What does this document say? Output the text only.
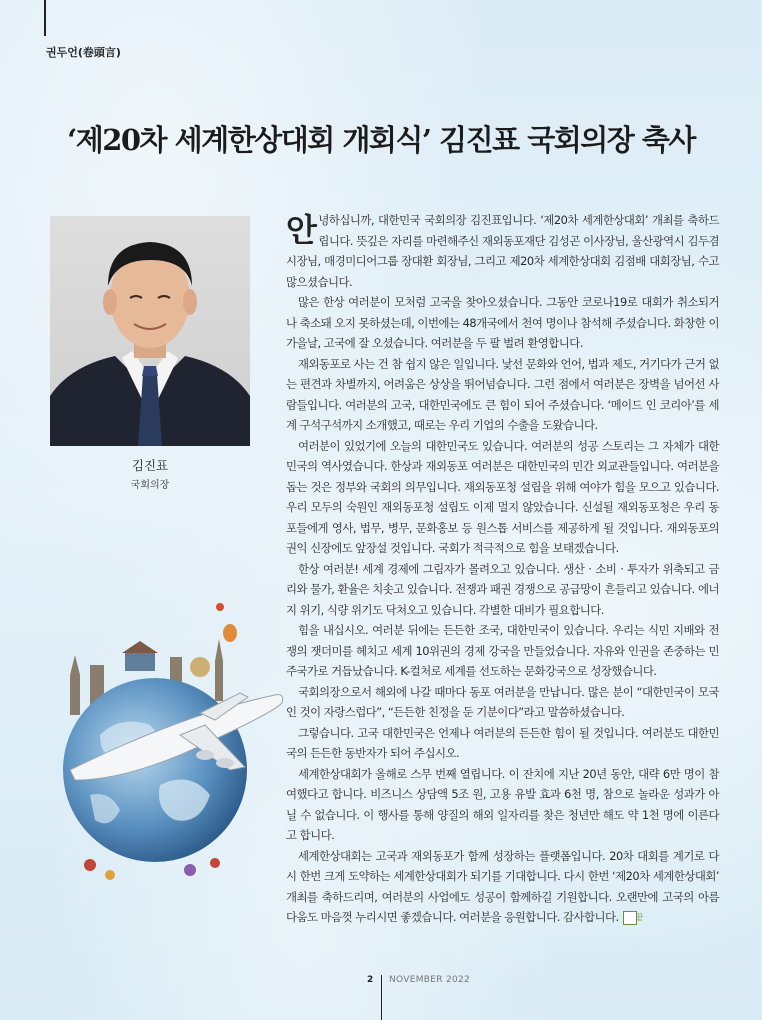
권두언(卷頭言)
‘제20차 세계한상대회 개회식’ 김진표 국회의장 축사
김진표
국회의장

안녕하십니까, 대한민국 국회의장 김진표입니다. ‘제20차 세계한상대회’ 개최를 축하드립니다. 뜻깊은 자리를 마련해주신 재외동포재단 김성곤 이사장님, 울산광역시 김두겸 시장님, 매경미디어그룹 장대환 회장님, 그리고 제20차 세계한상대회 김점배 대회장님, 수고 많으셨습니다.

많은 한상 여러분이 모처럼 고국을 찾아오셨습니다. 그동안 코로나19로 대회가 취소되거나 축소돼 오지 못하셨는데, 이번에는 48개국에서 천여 명이나 참석해 주셨습니다. 화창한 이 가을날, 고국에 잘 오셨습니다. 여러분을 두 팔 벌려 환영합니다.

재외동포로 사는 건 참 쉽지 않은 일입니다. 낯선 문화와 언어, 법과 제도, 거기다가 근거 없는 편견과 차별까지, 어려움은 상상을 뛰어넘습니다. 그런 점에서 여러분은 장벽을 넘어선 사람들입니다. 여러분의 고국, 대한민국에도 큰 힘이 되어 주셨습니다. ‘메이드 인 코리아’를 세계 구석구석까지 소개했고, 때로는 우리 기업의 수출을 도왔습니다.

여러분이 있었기에 오늘의 대한민국도 있습니다. 여러분의 성공 스토리는 그 자체가 대한민국의 역사였습니다. 한상과 재외동포 여러분은 대한민국의 민간 외교관들입니다. 여러분을 돕는 것은 정부와 국회의 의무입니다. 재외동포청 설립을 위해 여야가 힘을 모으고 있습니다. 우리 모두의 숙원인 재외동포청 설립도 이제 멀지 않았습니다. 신설될 재외동포청은 우리 동포들에게 영사, 법무, 병무, 문화홍보 등 원스톱 서비스를 제공하게 될 것입니다. 재외동포의 권익 신장에도 앞장설 것입니다. 국회가 적극적으로 힘을 보태겠습니다.

한상 여러분! 세계 경제에 그림자가 몰려오고 있습니다. 생산 · 소비 · 투자가 위축되고 금리와 물가, 환율은 치솟고 있습니다. 전쟁과 패권 경쟁으로 공급망이 흔들리고 있습니다. 에너지 위기, 식량 위기도 닥쳐오고 있습니다. 각별한 대비가 필요합니다.

힘을 내십시오. 여러분 뒤에는 든든한 조국, 대한민국이 있습니다. 우리는 식민 지배와 전쟁의 잿더미를 헤치고 세계 10위권의 경제 강국을 만들었습니다. 자유와 인권을 존중하는 민주국가로 거듭났습니다. K-컬처로 세계를 선도하는 문화강국으로 성장했습니다.

국회의장으로서 해외에 나갈 때마다 동포 여러분을 만납니다. 많은 분이 “대한민국이 모국인 것이 자랑스럽다”, “든든한 친정을 둔 기분이다”라고 말씀하셨습니다.

그렇습니다. 고국 대한민국은 언제나 여러분의 든든한 힘이 될 것입니다. 여러분도 대한민국의 든든한 동반자가 되어 주십시오.

세계한상대회가 올해로 스무 번째 열립니다. 이 잔치에 지난 20년 동안, 대략 6만 명이 참여했다고 합니다. 비즈니스 상담액 5조 원, 고용 유발 효과 6천 명, 참으로 놀라운 성과가 아닐 수 없습니다. 이 행사를 통해 양질의 해외 일자리를 찾은 청년만 해도 약 1천 명에 이른다고 합니다.

세계한상대회는 고국과 재외동포가 함께 성장하는 플랫폼입니다. 20차 대회를 계기로 다시 한번 크게 도약하는 세계한상대회가 되기를 기대합니다. 다시 한번 ‘제20차 세계한상대회’ 개최를 축하드리며, 여러분의 사업에도 성공이 함께하길 기원합니다. 오랜만에 고국의 아름다움도 마음껏 누리시면 좋겠습니다. 여러분을 응원합니다. 감사합니다. 끝

2 NOVEMBER 2022
